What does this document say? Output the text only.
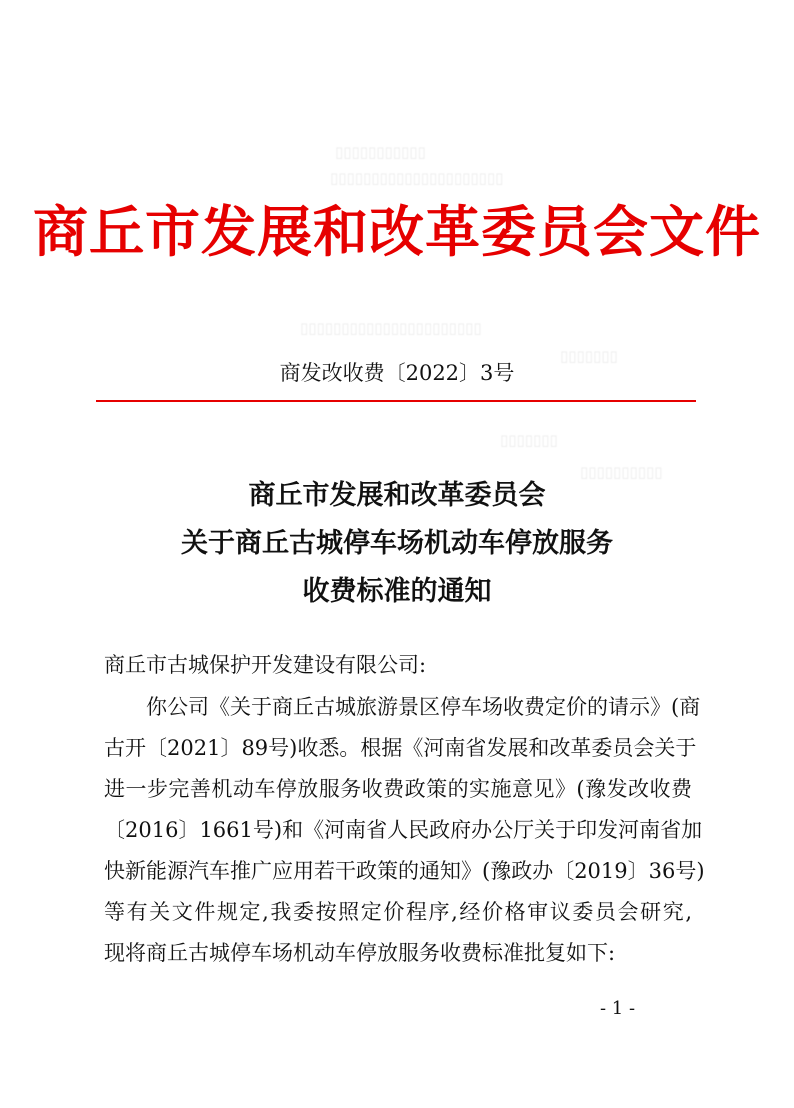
▯▯▯▯▯▯▯▯▯▯▯
▯▯▯▯▯▯▯▯▯▯▯▯▯▯▯▯▯▯▯▯▯
▯▯▯▯▯▯▯▯▯▯▯▯▯▯▯▯▯▯▯▯▯▯
▯▯▯▯▯▯▯
▯▯▯▯▯▯▯
▯▯▯▯▯▯▯▯▯▯
商丘市发展和改革委员会文件
商发改收费〔2022〕3号
商丘市发展和改革委员会
关于商丘古城停车场机动车停放服务
收费标准的通知
商丘市古城保护开发建设有限公司:
你公司《关于商丘古城旅游景区停车场收费定价的请示》(商
古开〔2021〕89号)收悉。根据《河南省发展和改革委员会关于
进一步完善机动车停放服务收费政策的实施意见》(豫发改收费
〔2016〕1661号)和《河南省人民政府办公厅关于印发河南省加
快新能源汽车推广应用若干政策的通知》(豫政办〔2019〕36号)
等有关文件规定,我委按照定价程序,经价格审议委员会研究,
现将商丘古城停车场机动车停放服务收费标准批复如下:
- 1 -
